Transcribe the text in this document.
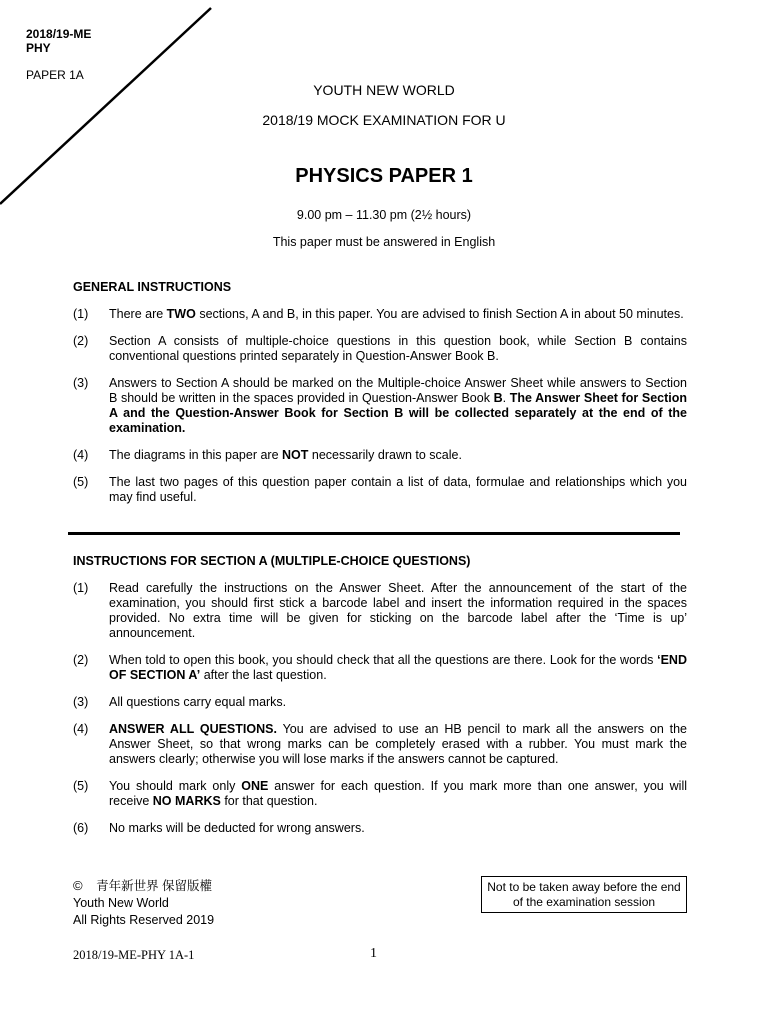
2018/19-ME
PHY
PAPER 1A
YOUTH NEW WORLD
2018/19 MOCK EXAMINATION FOR U
PHYSICS PAPER 1
9.00 pm – 11.30 pm (2½ hours)
This paper must be answered in English
GENERAL INSTRUCTIONS
(1)	There are TWO sections, A and B, in this paper. You are advised to finish Section A in about 50 minutes.
(2)	Section A consists of multiple-choice questions in this question book, while Section B contains conventional questions printed separately in Question-Answer Book B.
(3)	Answers to Section A should be marked on the Multiple-choice Answer Sheet while answers to Section B should be written in the spaces provided in Question-Answer Book B. The Answer Sheet for Section A and the Question-Answer Book for Section B will be collected separately at the end of the examination.
(4)	The diagrams in this paper are NOT necessarily drawn to scale.
(5)	The last two pages of this question paper contain a list of data, formulae and relationships which you may find useful.
INSTRUCTIONS FOR SECTION A (MULTIPLE-CHOICE QUESTIONS)
(1)	Read carefully the instructions on the Answer Sheet. After the announcement of the start of the examination, you should first stick a barcode label and insert the information required in the spaces provided. No extra time will be given for sticking on the barcode label after the ‘Time is up’ announcement.
(2)	When told to open this book, you should check that all the questions are there. Look for the words ‘END OF SECTION A’ after the last question.
(3)	All questions carry equal marks.
(4)	ANSWER ALL QUESTIONS. You are advised to use an HB pencil to mark all the answers on the Answer Sheet, so that wrong marks can be completely erased with a rubber. You must mark the answers clearly; otherwise you will lose marks if the answers cannot be captured.
(5)	You should mark only ONE answer for each question. If you mark more than one answer, you will receive NO MARKS for that question.
(6)	No marks will be deducted for wrong answers.
© 青年新世界 保留版權
Youth New World
All Rights Reserved 2019
Not to be taken away before the end of the examination session
2018/19-ME-PHY 1A-1	1
